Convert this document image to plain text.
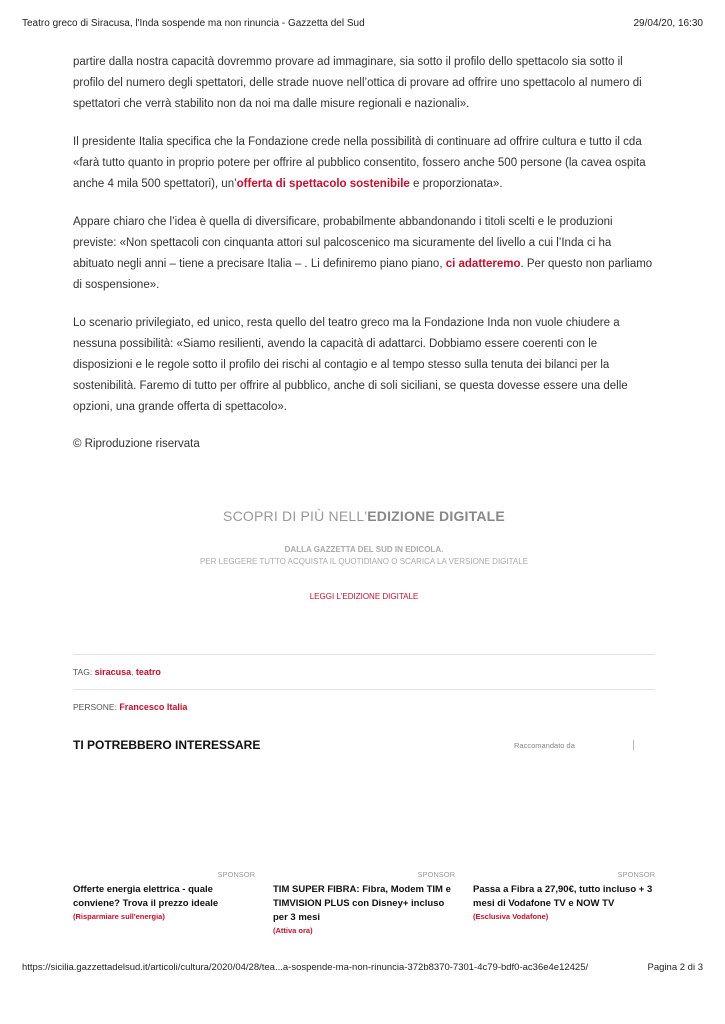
Teatro greco di Siracusa, l'Inda sospende ma non rinuncia - Gazzetta del Sud	29/04/20, 16:30

partire dalla nostra capacità dovremmo provare ad immaginare, sia sotto il profilo dello spettacolo sia sotto il profilo del numero degli spettatori, delle strade nuove nell’ottica di provare ad offrire uno spettacolo al numero di spettatori che verrà stabilito non da noi ma dalle misure regionali e nazionali».

Il presidente Italia specifica che la Fondazione crede nella possibilità di continuare ad offrire cultura e tutto il cda «farà tutto quanto in proprio potere per offrire al pubblico consentito, fossero anche 500 persone (la cavea ospita anche 4 mila 500 spettatori), un’offerta di spettacolo sostenibile e proporzionata».

Appare chiaro che l’idea è quella di diversificare, probabilmente abbandonando i titoli scelti e le produzioni previste: «Non spettacoli con cinquanta attori sul palcoscenico ma sicuramente del livello a cui l’Inda ci ha abituato negli anni – tiene a precisare Italia – . Li definiremo piano piano, ci adatteremo. Per questo non parliamo di sospensione».

Lo scenario privilegiato, ed unico, resta quello del teatro greco ma la Fondazione Inda non vuole chiudere a nessuna possibilità: «Siamo resilienti, avendo la capacità di adattarci. Dobbiamo essere coerenti con le disposizioni e le regole sotto il profilo dei rischi al contagio e al tempo stesso sulla tenuta dei bilanci per la sostenibilità. Faremo di tutto per offrire al pubblico, anche di soli siciliani, se questa dovesse essere una delle opzioni, una grande offerta di spettacolo».

© Riproduzione riservata
SCOPRI DI PIÙ NELL'EDIZIONE DIGITALE
DALLA GAZZETTA DEL SUD IN EDICOLA.
PER LEGGERE TUTTO ACQUISTA IL QUOTIDIANO O SCARICA LA VERSIONE DIGITALE
LEGGI L'EDIZIONE DIGITALE
TAG: siracusa, teatro
PERSONE: Francesco Italia
TI POTREBBERO INTERESSARE	Raccomandato da
SPONSOR
Offerte energia elettrica - quale conviene? Trova il prezzo ideale
(Risparmiare sull'energia)
SPONSOR
TIM SUPER FIBRA: Fibra, Modem TIM e TIMVISION PLUS con Disney+ incluso per 3 mesi
(Attiva ora)
SPONSOR
Passa a Fibra a 27,90€, tutto incluso + 3 mesi di Vodafone TV e NOW TV
(Esclusiva Vodafone)
https://sicilia.gazzettadelsud.it/articoli/cultura/2020/04/28/tea...a-sospende-ma-non-rinuncia-372b8370-7301-4c79-bdf0-ac36e4e12425/	Pagina 2 di 3
